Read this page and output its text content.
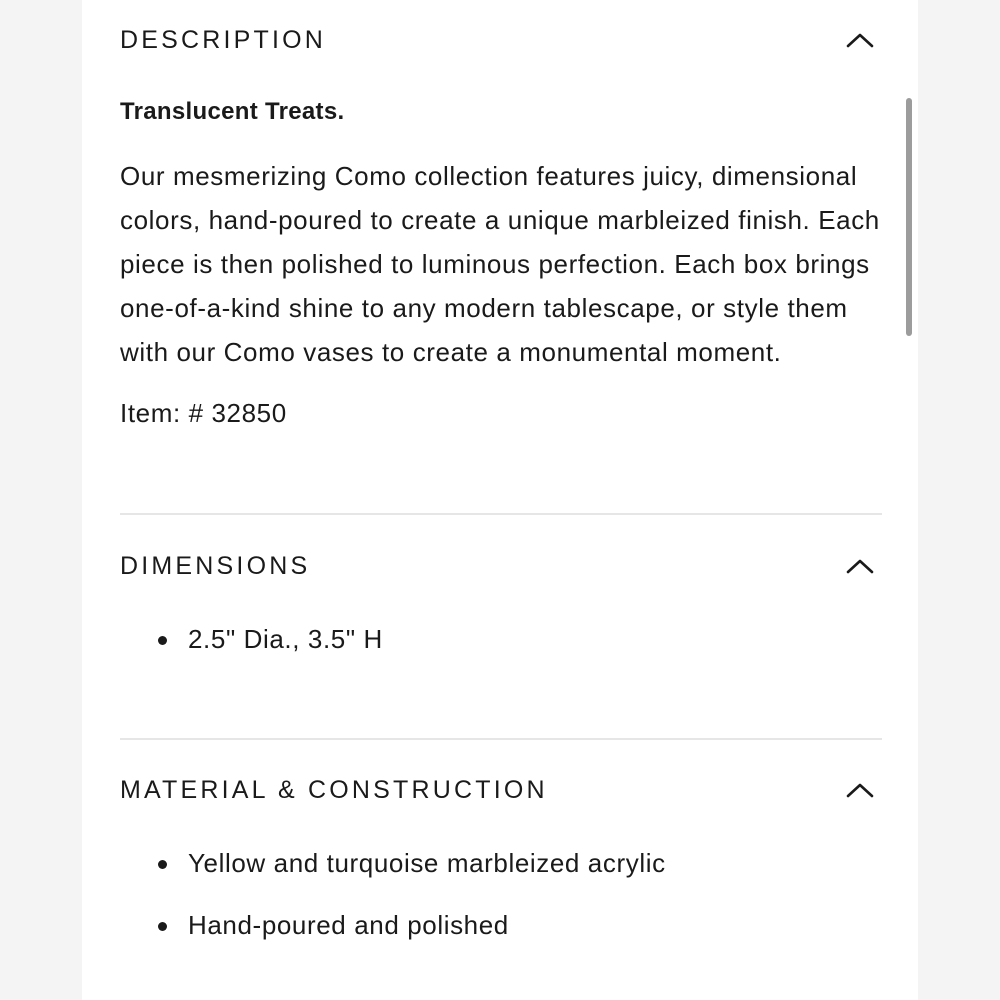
DESCRIPTION
Translucent Treats.
Our mesmerizing Como collection features juicy, dimensional colors, hand-poured to create a unique marbleized finish. Each piece is then polished to luminous perfection. Each box brings one-of-a-kind shine to any modern tablescape, or style them with our Como vases to create a monumental moment.
Item: # 32850
DIMENSIONS
2.5" Dia., 3.5" H
MATERIAL & CONSTRUCTION
Yellow and turquoise marbleized acrylic
Hand-poured and polished
